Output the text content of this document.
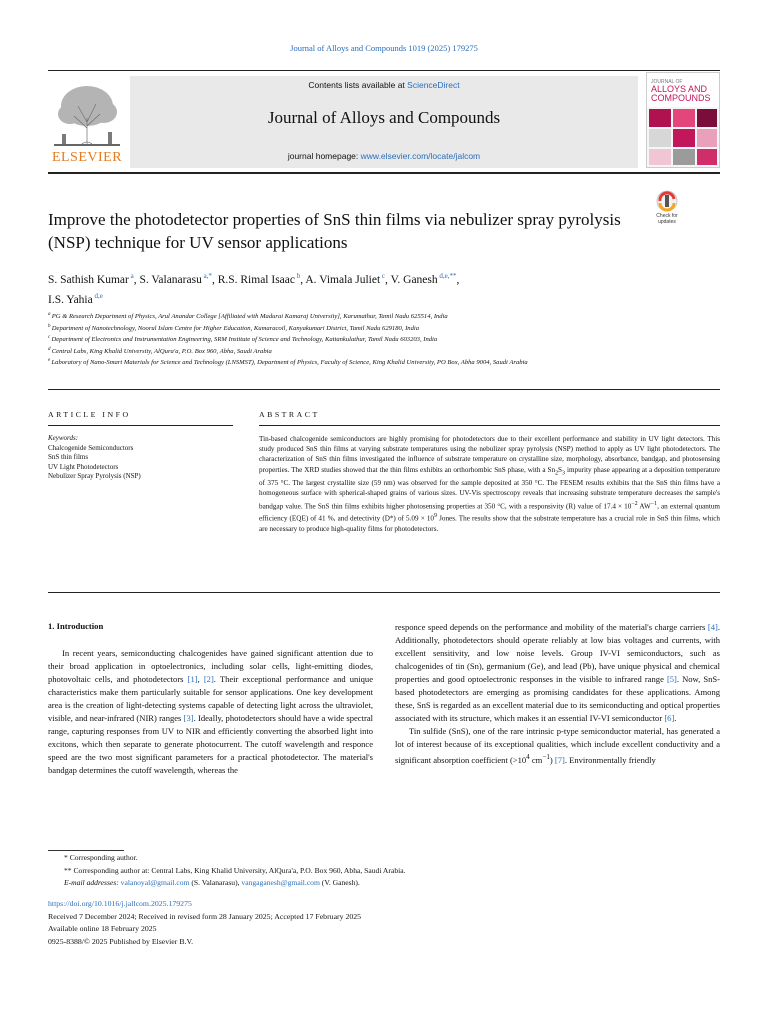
Journal of Alloys and Compounds 1019 (2025) 179275
ELSEVIER
Contents lists available at ScienceDirect
Journal of Alloys and Compounds
journal homepage: www.elsevier.com/locate/jalcom
JOURNAL OF
ALLOYS AND
COMPOUNDS
Improve the photodetector properties of SnS thin films via nebulizer spray pyrolysis (NSP) technique for UV sensor applications
Check for
updates
S. Sathish Kumar $^a$, S. Valanarasu $^{a,*}$, R.S. Rimal Isaac $^b$, A. Vimala Juliet $^c$, V. Ganesh $^{d,e,**}$,
I.S. Yahia $^{d,e}$
$^a$ PG & Research Department of Physics, Arul Anandar College [Affiliated with Madurai Kamaraj University], Karumathur, Tamil Nadu 625514, India
$^b$ Department of Nanotechnology, Noorul Islam Centre for Higher Education, Kumaracoil, Kanyakumari District, Tamil Nadu 629180, India
$^c$ Department of Electronics and Instrumentation Engineering, SRM Institute of Science and Technology, Kattankulathur, Tamil Nadu 603203, India
$^d$ Central Labs, King Khalid University, AlQura'a, P.O. Box 960, Abha, Saudi Arabia
$^e$ Laboratory of Nano-Smart Materials for Science and Technology (LNSMST), Department of Physics, Faculty of Science, King Khalid University, PO Box, Abha 9004, Saudi Arabia
ARTICLE INFO
Keywords:
Chalcogenide Semiconductors
SnS thin films
UV Light Photodetectors
Nebulizer Spray Pyrolysis (NSP)
ABSTRACT
Tin-based chalcogenide semiconductors are highly promising for photodetectors due to their excellent performance and stability in UV light detectors. This study produced SnS thin films at varying substrate temperatures using the nebulizer spray pyrolysis (NSP) method to apply as UV light photodetectors. The characterization of SnS thin films investigated the influence of substrate temperature on crystalline size, morphology, absorbance, bandgap, and photosensing properties. The XRD studies showed that the thin films exhibits an orthorhombic SnS phase, with a $Sn_2S_3$ impurity phase appearing at a deposition temperature of 375 °C. The largest crystallite size (59 nm) was observed for the sample deposited at 350 °C. The FESEM results exhibits that the SnS thin films have a homogeneous surface with spherical-shaped grains of various sizes. UV-Vis spectroscopy reveals that increasing substrate temperature decreases the sample's bandgap value. The SnS thin films exhibits higher photosensing properties at 350 °C, with a responsivity (R) value of $17.4 \times 10^{-2}$ $AW^{-1}$, an external quantum efficiency (EQE) of 41 %, and detectivity (D*) of $5.09 \times 10^9$ Jones. The results show that the substrate temperature has a crucial role in SnS thin films, which are necessary to produce high-quality films for photodetectors.
1. Introduction
In recent years, semiconducting chalcogenides have gained significant attention due to their broad application in optoelectronics, including solar cells, light-emitting diodes, photovoltaic cells, and photodetectors [1], [2]. Their exceptional performance and unique characteristics make them particularly suitable for sensor applications. One key development area is the creation of light-detecting systems capable of detecting light across the ultraviolet, visible, and near-infrared (NIR) ranges [3]. Ideally, photodetectors should have a wide spectral range, capturing responses from UV to NIR and efficiently converting the absorbed light into excitons, which then separate to generate photocurrent. The cutoff wavelength and responce speed are the two most significant parameters for a practical photodetector. The material's bandgap determines the cutoff wavelength, whereas the
responce speed depends on the performance and mobility of the material's charge carriers [4]. Additionally, photodetectors should operate reliably at low bias voltages and currents, with excellent sensitivity, and low noise levels. Group IV-VI semiconductors, such as chalcogenides of tin (Sn), germanium (Ge), and lead (Pb), have unique physical and chemical properties and good optoelectronic responses in the visible to infrared range [5]. Now, SnS-based photodetectors are emerging as promising candidates for these applications. Among these, SnS is regarded as an excellent material due to its semiconducting and optical properties associated with its structure, which makes it an essential IV-VI semiconductor [6].
Tin sulfide (SnS), one of the rare intrinsic p-type semiconductor material, has generated a lot of interest because of its exceptional qualities, which include excellent conductivity and a significant absorption coefficient ($>10^4$ $cm^{-1}$) [7]. Environmentally friendly
* Corresponding author.
** Corresponding author at: Central Labs, King Khalid University, AlQura'a, P.O. Box 960, Abha, Saudi Arabia.
E-mail addresses: valanoyal@gmail.com (S. Valanarasu), vangaganesh@gmail.com (V. Ganesh).
https://doi.org/10.1016/j.jallcom.2025.179275
Received 7 December 2024; Received in revised form 28 January 2025; Accepted 17 February 2025
Available online 18 February 2025
0925-8388/© 2025 Published by Elsevier B.V.
